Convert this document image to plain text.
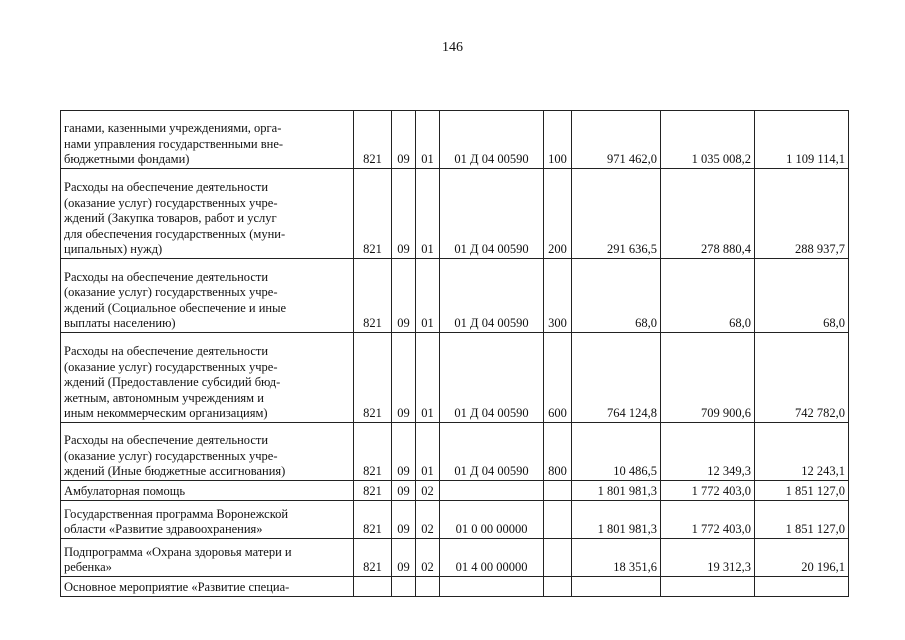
146
ганами, казенными учреждениями, орга-
нами управления государственными вне-
бюджетными фондами)	821	09	01	01 Д 04 00590	100	971 462,0	1 035 008,2	1 109 114,1

Расходы на обеспечение деятельности
(оказание услуг) государственных учре-
ждений (Закупка товаров, работ и услуг
для обеспечения государственных (муни-
ципальных) нужд)	821	09	01	01 Д 04 00590	200	291 636,5	278 880,4	288 937,7

Расходы на обеспечение деятельности
(оказание услуг) государственных учре-
ждений (Социальное обеспечение и иные
выплаты населению)	821	09	01	01 Д 04 00590	300	68,0	68,0	68,0

Расходы на обеспечение деятельности
(оказание услуг) государственных учре-
ждений (Предоставление субсидий бюд-
жетным, автономным учреждениям и
иным некоммерческим организациям)	821	09	01	01 Д 04 00590	600	764 124,8	709 900,6	742 782,0

Расходы на обеспечение деятельности
(оказание услуг) государственных учре-
ждений (Иные бюджетные ассигнования)	821	09	01	01 Д 04 00590	800	10 486,5	12 349,3	12 243,1

Амбулаторная помощь	821	09	02			1 801 981,3	1 772 403,0	1 851 127,0

Государственная программа Воронежской
области «Развитие здравоохранения»	821	09	02	01 0 00 00000		1 801 981,3	1 772 403,0	1 851 127,0

Подпрограмма «Охрана здоровья матери и
ребенка»	821	09	02	01 4 00 00000		18 351,6	19 312,3	20 196,1

Основное мероприятие «Развитие специа-								
